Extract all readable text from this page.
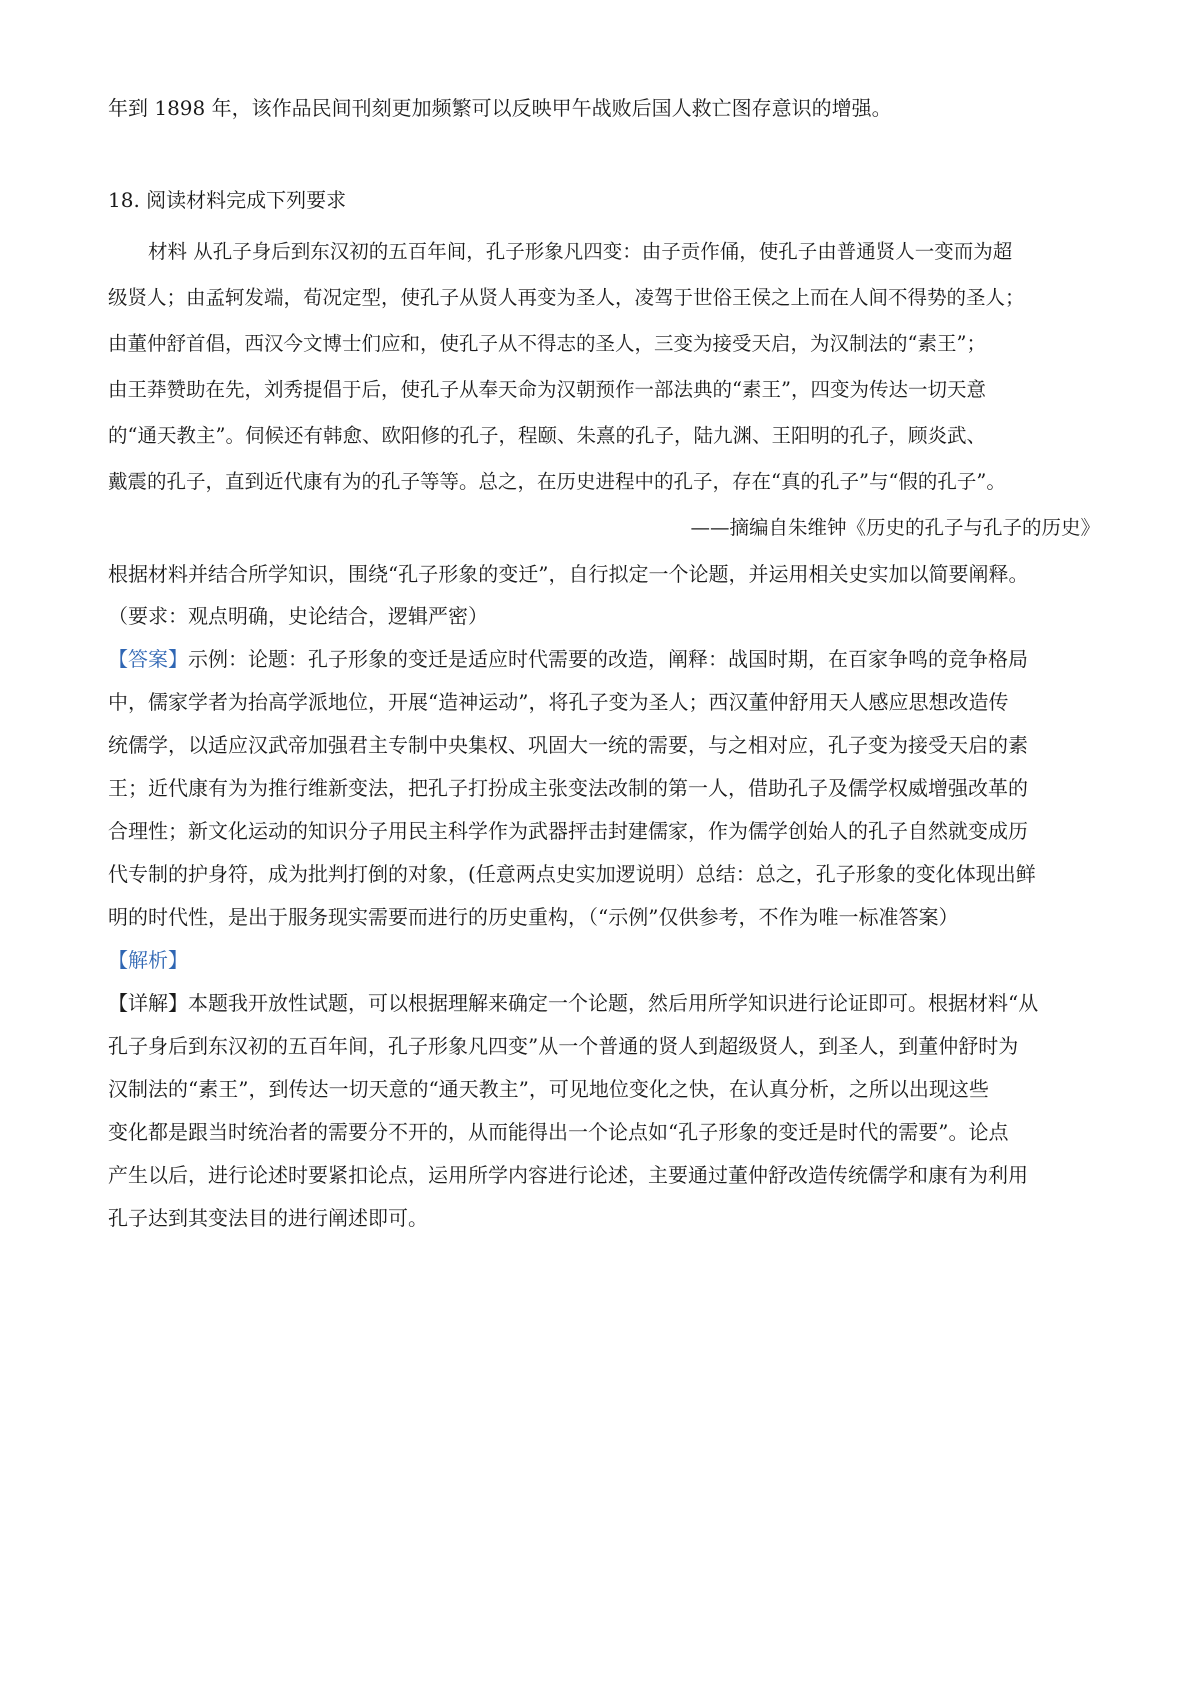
年到 1898 年，该作品民间刊刻更加频繁可以反映甲午战败后国人救亡图存意识的增强。
18. 阅读材料完成下列要求
材料 从孔子身后到东汉初的五百年间，孔子形象凡四变：由子贡作俑，使孔子由普通贤人一变而为超
级贤人；由孟轲发端，荀况定型，使孔子从贤人再变为圣人，凌驾于世俗王侯之上而在人间不得势的圣人；
由董仲舒首倡，西汉今文博士们应和，使孔子从不得志的圣人，三变为接受天启，为汉制法的“素王”；
由王莽赞助在先，刘秀提倡于后，使孔子从奉天命为汉朝预作一部法典的“素王”，四变为传达一切天意
的“通天教主”。伺候还有韩愈、欧阳修的孔子，程颐、朱熹的孔子，陆九渊、王阳明的孔子，顾炎武、
戴震的孔子，直到近代康有为的孔子等等。总之，在历史进程中的孔子，存在“真的孔子”与“假的孔子”。
——摘编自朱维钟《历史的孔子与孔子的历史》
根据材料并结合所学知识，围绕“孔子形象的变迁”，自行拟定一个论题，并运用相关史实加以简要阐释。
（要求：观点明确，史论结合，逻辑严密）
【答案】示例：论题：孔子形象的变迁是适应时代需要的改造，阐释：战国时期，在百家争鸣的竞争格局
中，儒家学者为抬高学派地位，开展“造神运动”，将孔子变为圣人；西汉董仲舒用天人感应思想改造传
统儒学，以适应汉武帝加强君主专制中央集权、巩固大一统的需要，与之相对应，孔子变为接受天启的素
王；近代康有为为推行维新变法，把孔子打扮成主张变法改制的第一人，借助孔子及儒学权威增强改革的
合理性；新文化运动的知识分子用民主科学作为武器抨击封建儒家，作为儒学创始人的孔子自然就变成历
代专制的护身符，成为批判打倒的对象，(任意两点史实加逻说明）总结：总之，孔子形象的变化体现出鲜
明的时代性，是出于服务现实需要而进行的历史重构，（“示例”仅供参考，不作为唯一标准答案）
【解析】
【详解】本题我开放性试题，可以根据理解来确定一个论题，然后用所学知识进行论证即可。根据材料“从
孔子身后到东汉初的五百年间，孔子形象凡四变”从一个普通的贤人到超级贤人，到圣人，到董仲舒时为
汉制法的“素王”，到传达一切天意的“通天教主”，可见地位变化之快，在认真分析，之所以出现这些
变化都是跟当时统治者的需要分不开的，从而能得出一个论点如“孔子形象的变迁是时代的需要”。论点
产生以后，进行论述时要紧扣论点，运用所学内容进行论述，主要通过董仲舒改造传统儒学和康有为利用
孔子达到其变法目的进行阐述即可。
